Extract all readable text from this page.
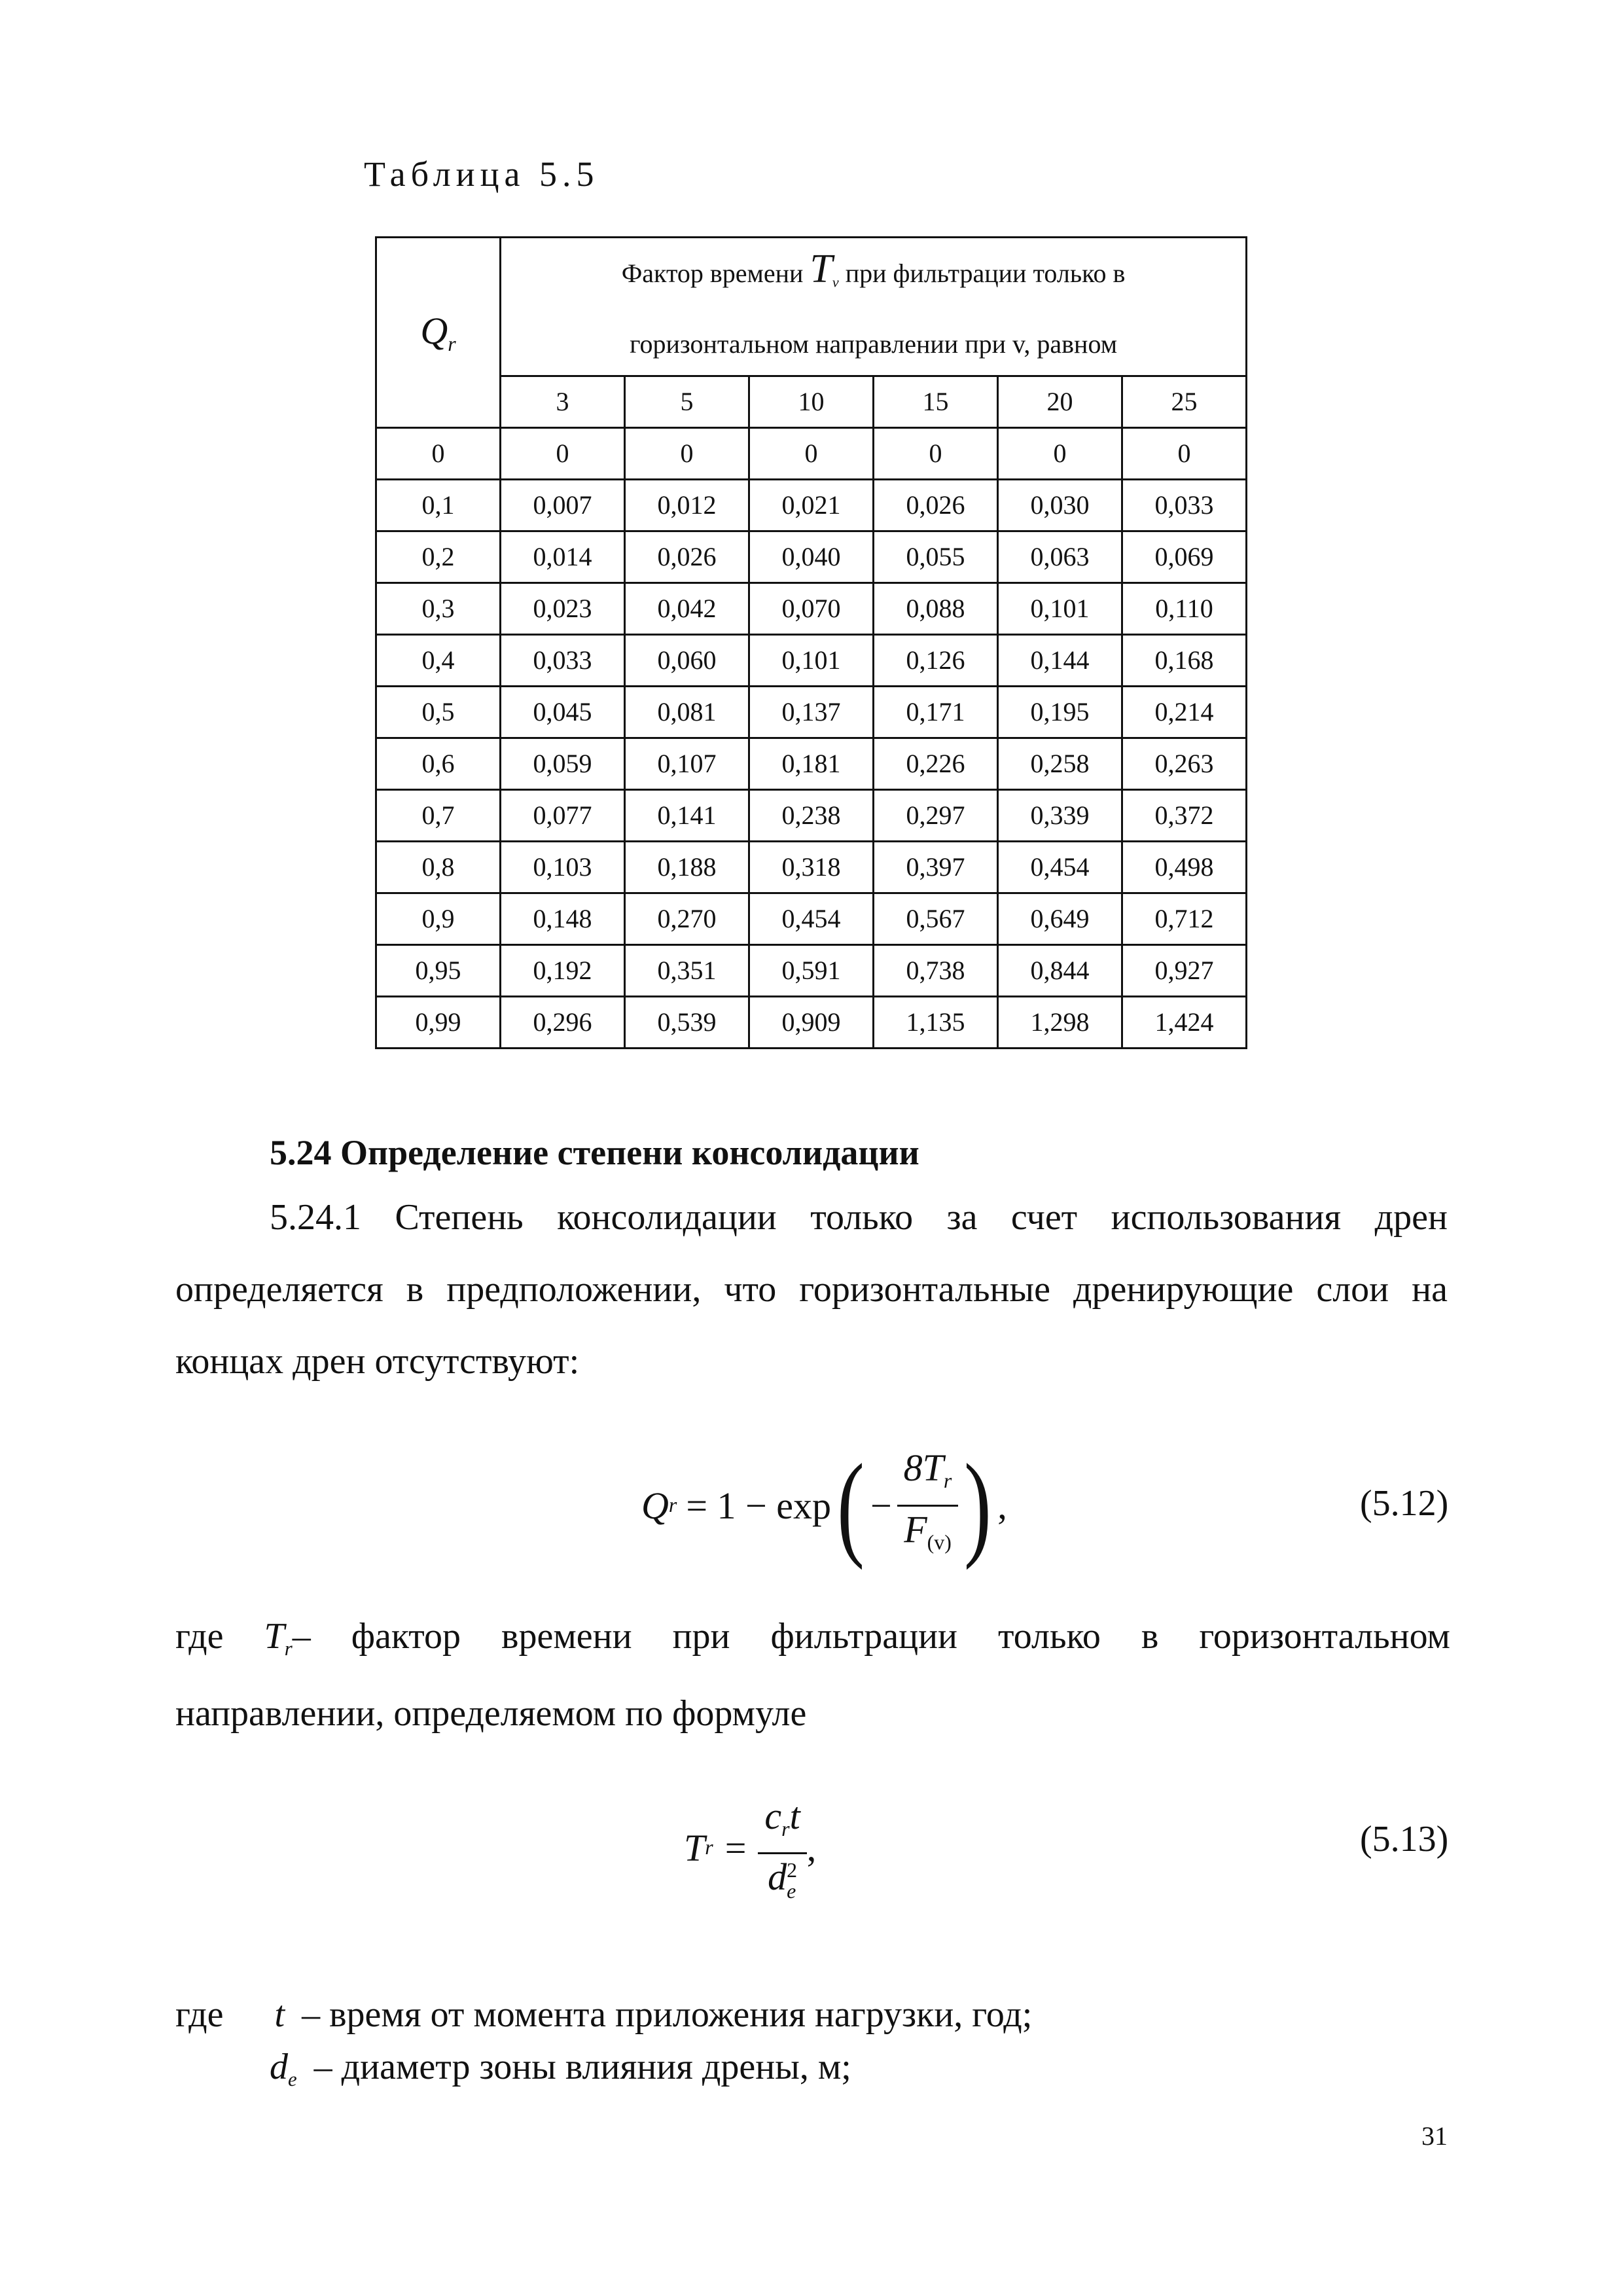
Таблица 5.5
$Q_r$	Фактор времени $T_v$ при фильтрации только в
горизонтальном направлении при v, равном					

	3	5	10	15	20	25
0	0	0	0	0	0	0
0,1	0,007	0,012	0,021	0,026	0,030	0,033
0,2	0,014	0,026	0,040	0,055	0,063	0,069
0,3	0,023	0,042	0,070	0,088	0,101	0,110
0,4	0,033	0,060	0,101	0,126	0,144	0,168
0,5	0,045	0,081	0,137	0,171	0,195	0,214
0,6	0,059	0,107	0,181	0,226	0,258	0,263
0,7	0,077	0,141	0,238	0,297	0,339	0,372
0,8	0,103	0,188	0,318	0,397	0,454	0,498
0,9	0,148	0,270	0,454	0,567	0,649	0,712
0,95	0,192	0,351	0,591	0,738	0,844	0,927
0,99	0,296	0,539	0,909	1,135	1,298	1,424
5.24 Определение степени консолидации
5.24.1 Степень консолидации только за счет использования дрен
определяется в предположении, что горизонтальные дренирующие слои на
концах дрен отсутствуют:
Q r = 1 − exp ( − $\frac{8T_r}{F_{(v)}}$ ) ,	(5.12)
где $T_r-$ фактор времени при фильтрации только в горизонтальном
направлении, определяемом по формуле
T $r = c_rt$
d 2
e ,	(5.13)
где t – время от момента приложения нагрузки, год;
$d_e$ – диаметр зоны влияния дрены, м;
31
